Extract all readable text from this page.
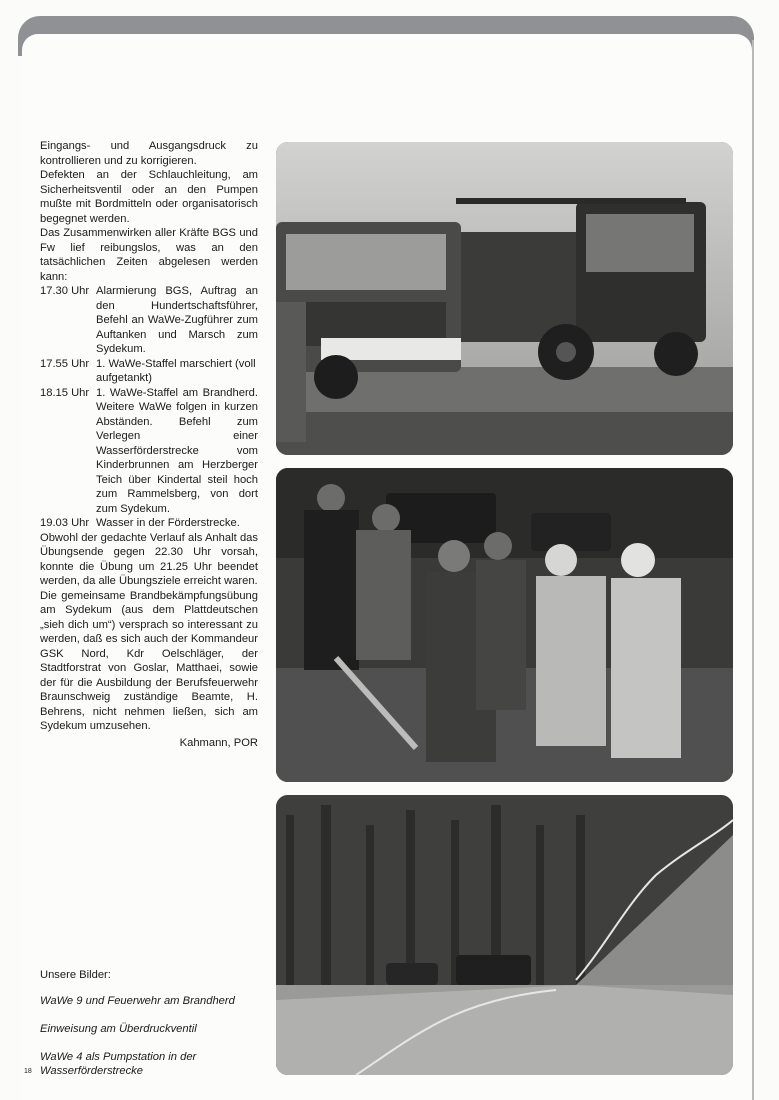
Eingangs- und Ausgangsdruck zu kontrollieren und zu korrigieren.

Defekten an der Schlauchleitung, am Sicherheitsventil oder an den Pumpen mußte mit Bordmitteln oder organisatorisch begegnet werden.

Das Zusammenwirken aller Kräfte BGS und Fw lief reibungslos, was an den tatsächlichen Zeiten abgelesen werden kann:

17.30 Uhr Alarmierung BGS, Auftrag an den Hundertschaftsführer, Befehl an WaWe-Zugführer zum Auftanken und Marsch zum Sydekum.
17.55 Uhr 1. WaWe-Staffel marschiert (voll aufgetankt)
18.15 Uhr 1. WaWe-Staffel am Brandherd. Weitere WaWe folgen in kurzen Abständen. Befehl zum Verlegen einer Wasserförderstrecke vom Kinderbrunnen am Herzberger Teich über Kindertal steil hoch zum Rammelsberg, von dort zum Sydekum.
19.03 Uhr Wasser in der Förderstrecke.

Obwohl der gedachte Verlauf als Anhalt das Übungsende gegen 22.30 Uhr vorsah, konnte die Übung um 21.25 Uhr beendet werden, da alle Übungsziele erreicht waren.

Die gemeinsame Brandbekämpfungsübung am Sydekum (aus dem Plattdeutschen „sieh dich um“) versprach so interessant zu werden, daß es sich auch der Kommandeur GSK Nord, Kdr Oelschläger, der Stadtforstrat von Goslar, Matthaei, sowie der für die Ausbildung der Berufsfeuerwehr Braunschweig zuständige Beamte, H. Behrens, nicht nehmen ließen, sich am Sydekum umzusehen.

Kahmann, POR

Unsere Bilder:

WaWe 9 und Feuerwehr am Brandherd

Einweisung am Überdruckventil

WaWe 4 als Pumpstation in der Wasserförderstrecke

18
